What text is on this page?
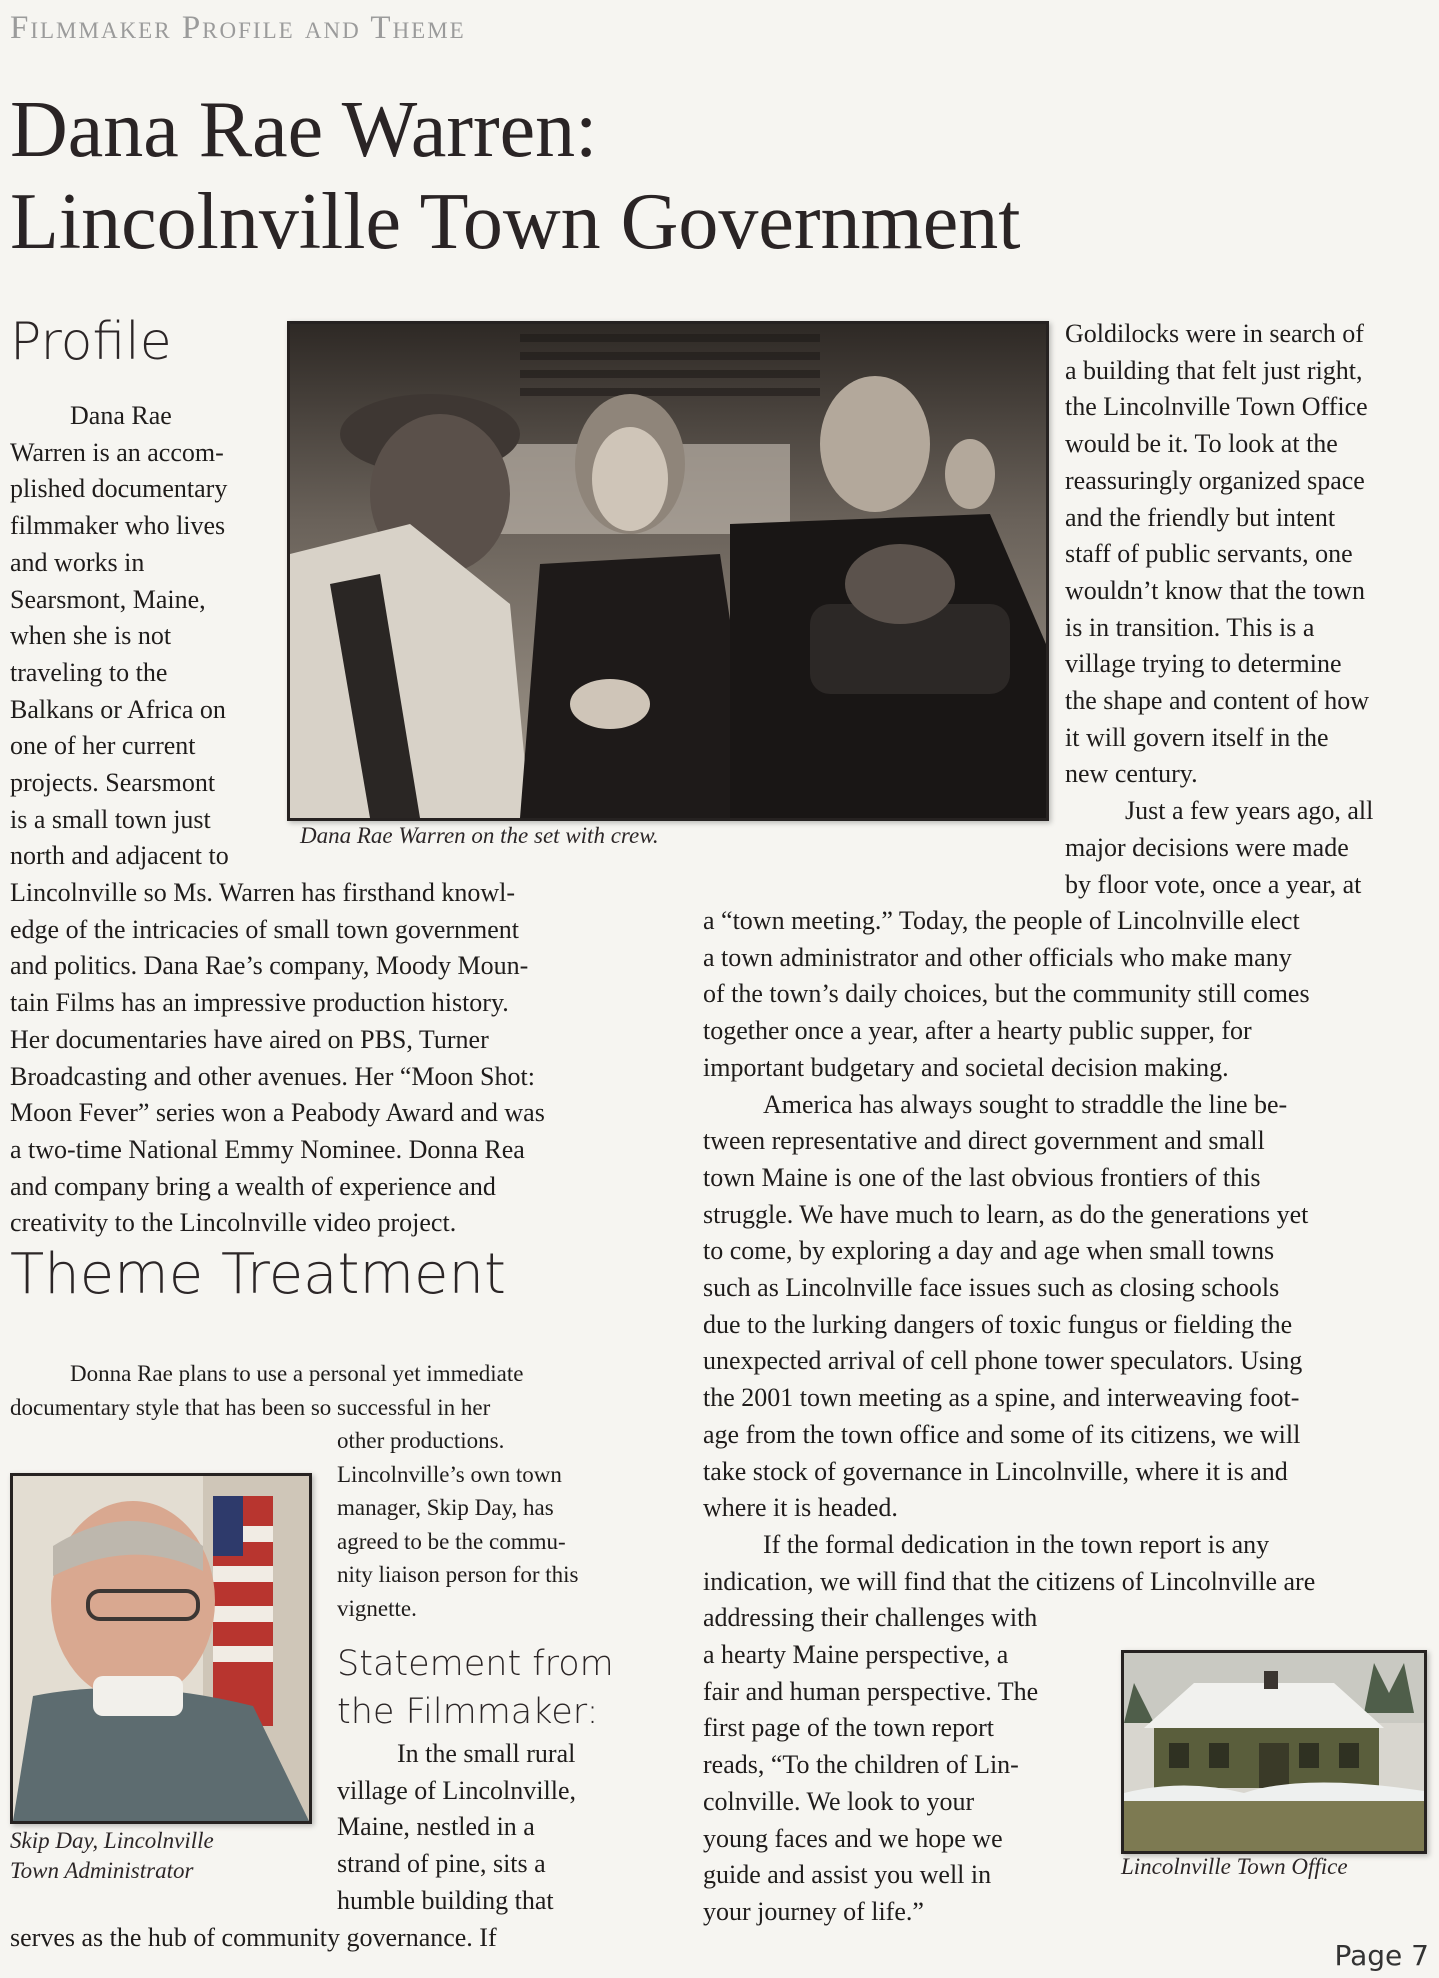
Filmmaker Profile and Theme
Dana Rae Warren:
Lincolnville Town Government
Profile

Dana Rae

Warren is an accom-

plished documentary

filmmaker who lives

and works in

Searsmont, Maine,

when she is not

traveling to the

Balkans or Africa on

one of her current

projects. Searsmont

is a small town just

north and adjacent to

Lincolnville so Ms. Warren has firsthand knowl-

edge of the intricacies of small town government

and politics. Dana Rae’s company, Moody Moun-

tain Films has an impressive production history.

Her documentaries have aired on PBS, Turner

Broadcasting and other avenues. Her “Moon Shot:

Moon Fever” series won a Peabody Award and was

a two-time National Emmy Nominee. Donna Rea

and company bring a wealth of experience and

creativity to the Lincolnville video project.

Dana Rae Warren on the set with crew.
Theme Treatment

Donna Rae plans to use a personal yet immediate

documentary style that has been so successful in her

other productions.

Lincolnville’s own town

manager, Skip Day, has

agreed to be the commu-

nity liaison person for this

vignette.

Skip Day, Lincolnville
Town Administrator
Statement from
the Filmmaker:

In the small rural

village of Lincolnville,

Maine, nestled in a

strand of pine, sits a

humble building that

serves as the hub of community governance. If

Goldilocks were in search of

a building that felt just right,

the Lincolnville Town Office

would be it. To look at the

reassuringly organized space

and the friendly but intent

staff of public servants, one

wouldn’t know that the town

is in transition. This is a

village trying to determine

the shape and content of how

it will govern itself in the

new century.

Just a few years ago, all

major decisions were made

by floor vote, once a year, at

a “town meeting.” Today, the people of Lincolnville elect

a town administrator and other officials who make many

of the town’s daily choices, but the community still comes

together once a year, after a hearty public supper, for

important budgetary and societal decision making.

America has always sought to straddle the line be-

tween representative and direct government and small

town Maine is one of the last obvious frontiers of this

struggle. We have much to learn, as do the generations yet

to come, by exploring a day and age when small towns

such as Lincolnville face issues such as closing schools

due to the lurking dangers of toxic fungus or fielding the

unexpected arrival of cell phone tower speculators. Using

the 2001 town meeting as a spine, and interweaving foot-

age from the town office and some of its citizens, we will

take stock of governance in Lincolnville, where it is and

where it is headed.

If the formal dedication in the town report is any

indication, we will find that the citizens of Lincolnville are

addressing their challenges with

a hearty Maine perspective, a

fair and human perspective. The

first page of the town report

reads, “To the children of Lin-

colnville. We look to your

young faces and we hope we

guide and assist you well in

your journey of life.”

Lincolnville Town Office
Page 7
